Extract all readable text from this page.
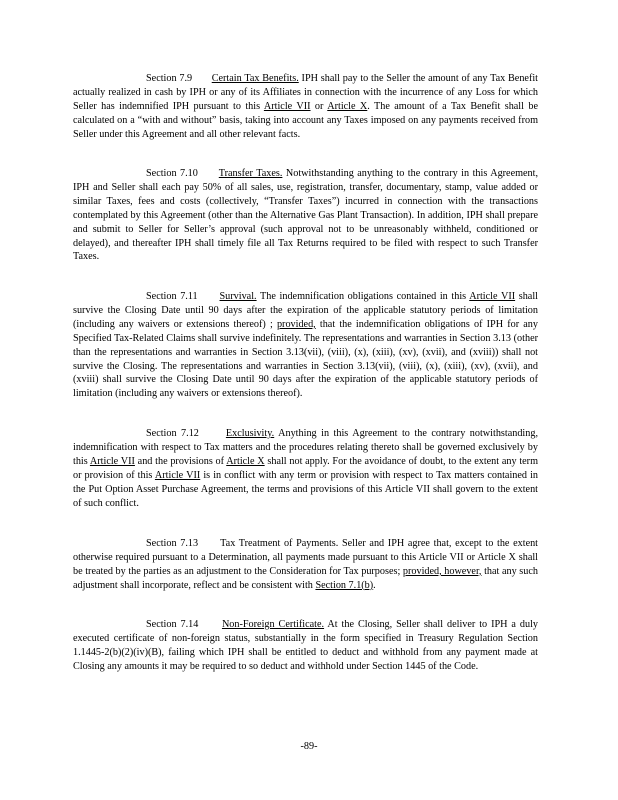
Section 7.9 Certain Tax Benefits. IPH shall pay to the Seller the amount of any Tax Benefit actually realized in cash by IPH or any of its Affiliates in connection with the incurrence of any Loss for which Seller has indemnified IPH pursuant to this Article VII or Article X. The amount of a Tax Benefit shall be calculated on a “with and without” basis, taking into account any Taxes imposed on any payments received from Seller under this Agreement and all other relevant facts.

Section 7.10 Transfer Taxes. Notwithstanding anything to the contrary in this Agreement, IPH and Seller shall each pay 50% of all sales, use, registration, transfer, documentary, stamp, value added or similar Taxes, fees and costs (collectively, “Transfer Taxes”) incurred in connection with the transactions contemplated by this Agreement (other than the Alternative Gas Plant Transaction). In addition, IPH shall prepare and submit to Seller for Seller’s approval (such approval not to be unreasonably withheld, conditioned or delayed), and thereafter IPH shall timely file all Tax Returns required to be filed with respect to such Transfer Taxes.

Section 7.11 Survival. The indemnification obligations contained in this Article VII shall survive the Closing Date until 90 days after the expiration of the applicable statutory periods of limitation (including any waivers or extensions thereof) ; provided, that the indemnification obligations of IPH for any Specified Tax-Related Claims shall survive indefinitely. The representations and warranties in Section 3.13 (other than the representations and warranties in Section 3.13(vii), (viii), (x), (xiii), (xv), (xvii), and (xviii)) shall not survive the Closing. The representations and warranties in Section 3.13(vii), (viii), (x), (xiii), (xv), (xvii), and (xviii) shall survive the Closing Date until 90 days after the expiration of the applicable statutory periods of limitation (including any waivers or extensions thereof).

Section 7.12	Exclusivity. Anything in this Agreement to the contrary notwithstanding, indemnification with respect to Tax matters and the procedures relating thereto shall be governed exclusively by this Article VII and the provisions of Article X shall not apply. For the avoidance of doubt, to the extent any term or provision of this Article VII is in conflict with any term or provision with respect to Tax matters contained in the Put Option Asset Purchase Agreement, the terms and provisions of this Article VII shall govern to the extent of such conflict.

Section 7.13 Tax Treatment of Payments. Seller and IPH agree that, except to the extent otherwise required pursuant to a Determination, all payments made pursuant to this Article VII or Article X shall be treated by the parties as an adjustment to the Consideration for Tax purposes; provided, however, that any such adjustment shall incorporate, reflect and be consistent with Section 7.1(b).

Section 7.14 Non-Foreign Certificate. At the Closing, Seller shall deliver to IPH a duly executed certificate of non-foreign status, substantially in the form specified in Treasury Regulation Section 1.1445-2(b)(2)(iv)(B), failing which IPH shall be entitled to deduct and withhold from any payment made at Closing any amounts it may be required to so deduct and withhold under Section 1445 of the Code.

-89-
